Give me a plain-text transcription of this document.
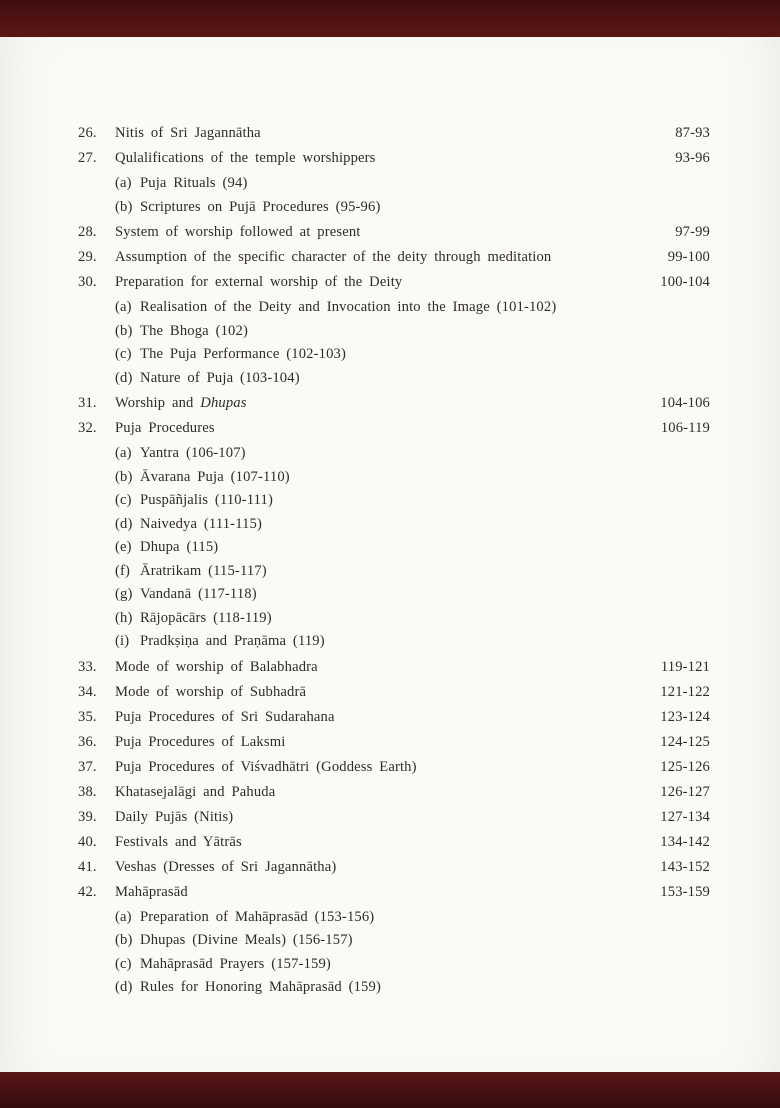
26.	Nitis of Sri Jagannātha	87-93
27.	Qulalifications of the temple worshippers	93-96
(a) Puja Rituals (94)
(b) Scriptures on Pujā Procedures (95-96)
28.	System of worship followed at present	97-99
29.	Assumption of the specific character of the deity through meditation	99-100
30.	Preparation for external worship of the Deity	100-104
(a) Realisation of the Deity and Invocation into the Image (101-102)
(b) The Bhoga (102)
(c) The Puja Performance (102-103)
(d) Nature of Puja (103-104)
31.	Worship and Dhupas	104-106
32.	Puja Procedures	106-119
(a) Yantra (106-107)
(b) Āvarana Puja (107-110)
(c) Puspāñjalis (110-111)
(d) Naivedya (111-115)
(e) Dhupa (115)
(f) Āratrikam (115-117)
(g) Vandanā (117-118)
(h) Rājopācārs (118-119)
(i) Pradkṣiṇa and Praṇāma (119)
33.	Mode of worship of Balabhadra	119-121
34.	Mode of worship of Subhadrā	121-122
35.	Puja Procedures of Sri Sudarahana	123-124
36.	Puja Procedures of Laksmi	124-125
37.	Puja Procedures of Viśvadhātri (Goddess Earth)	125-126
38.	Khatasejalāgi and Pahuda	126-127
39.	Daily Pujās (Nitis)	127-134
40.	Festivals and Yātrās	134-142
41.	Veshas (Dresses of Sri Jagannātha)	143-152
42.	Mahāprasād	153-159
(a) Preparation of Mahāprasād (153-156)
(b) Dhupas (Divine Meals) (156-157)
(c) Mahāprasād Prayers (157-159)
(d) Rules for Honoring Mahāprasād (159)
